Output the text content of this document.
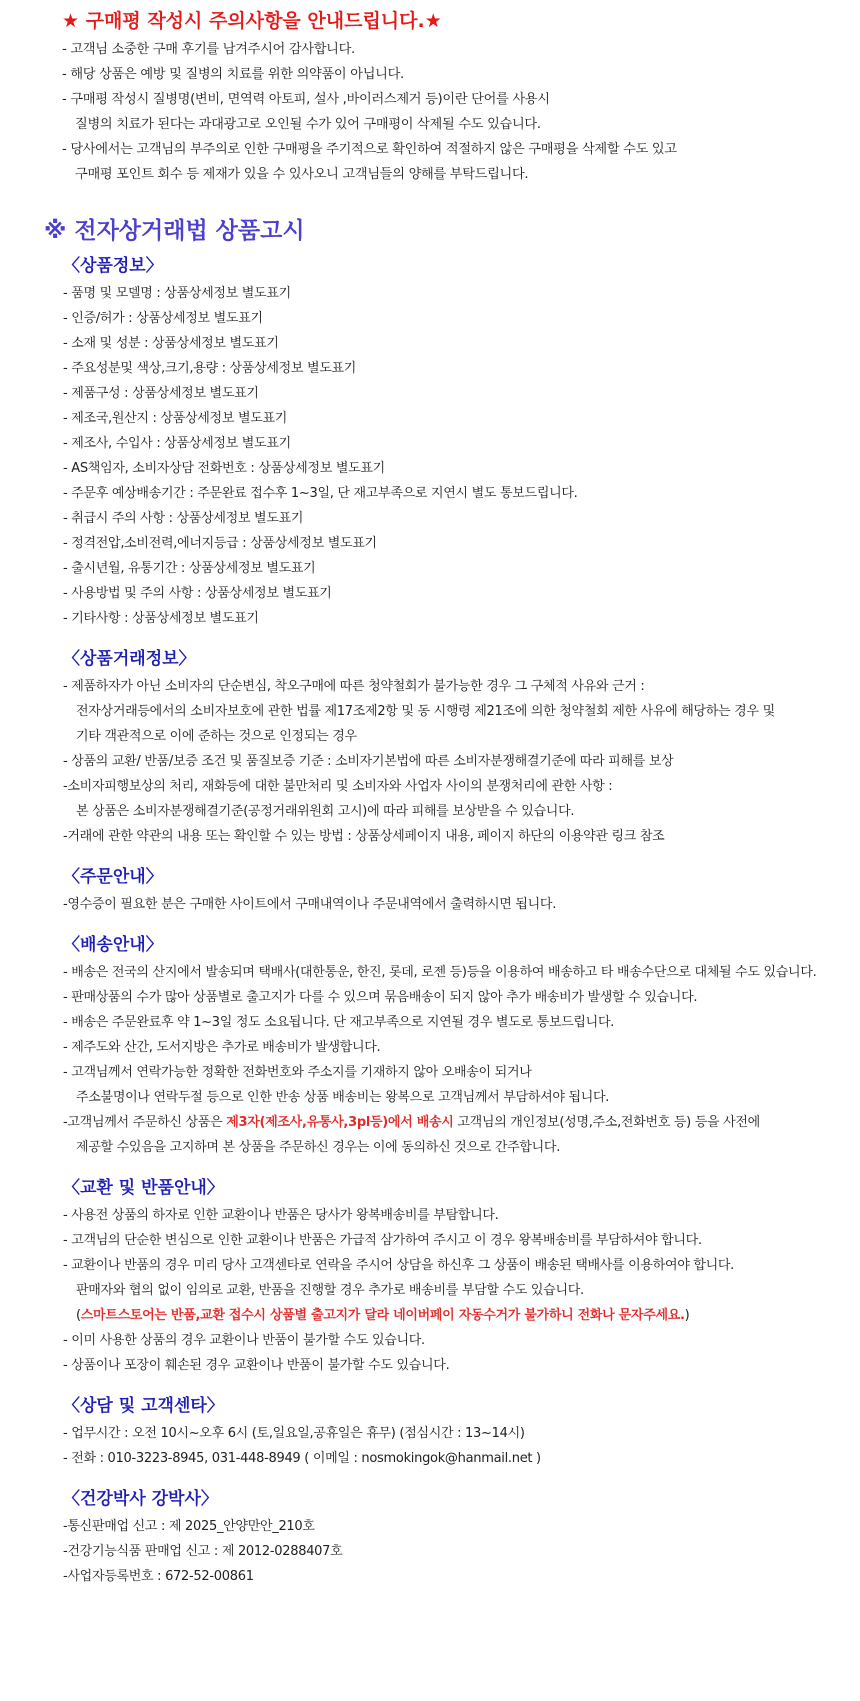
★ 구매평 작성시 주의사항을 안내드립니다.★
- 고객님 소중한 구매 후기를 남겨주시어 감사합니다.
- 해당 상품은 예방 및 질병의 치료를 위한 의약품이 아닙니다.
- 구매평 작성시 질병명(변비, 면역력 아토피, 설사 ,바이러스제거 등)이란 단어를 사용시
질병의 치료가 된다는 과대광고로 오인될 수가 있어 구매평이 삭제될 수도 있습니다.
- 당사에서는 고객님의 부주의로 인한 구매평을 주기적으로 확인하여 적절하지 않은 구매평을 삭제할 수도 있고
구매평 포인트 회수 등 제재가 있을 수 있사오니 고객님들의 양해를 부탁드립니다.
※ 전자상거래법 상품고시
〈상품정보〉
- 품명 및 모델명 : 상품상세정보 별도표기
- 인증/허가 : 상품상세정보 별도표기
- 소재 및 성분 : 상품상세정보 별도표기
- 주요성분및 색상,크기,용량 : 상품상세정보 별도표기
- 제품구성 : 상품상세정보 별도표기
- 제조국,원산지 : 상품상세정보 별도표기
- 제조사, 수입사 : 상품상세정보 별도표기
- AS책임자, 소비자상담 전화번호 : 상품상세정보 별도표기
- 주문후 예상배송기간 : 주문완료 접수후 1~3일, 단 재고부족으로 지연시 별도 통보드립니다.
- 취급시 주의 사항 : 상품상세정보 별도표기
- 정격전압,소비전력,에너지등급 : 상품상세정보 별도표기
- 출시년월, 유통기간 : 상품상세정보 별도표기
- 사용방법 및 주의 사항 : 상품상세정보 별도표기
- 기타사항 : 상품상세정보 별도표기
〈상품거래정보〉
- 제품하자가 아닌 소비자의 단순변심, 착오구매에 따른 청약철회가 불가능한 경우 그 구체적 사유와 근거 :
전자상거래등에서의 소비자보호에 관한 법률 제17조제2항 및 동 시행령 제21조에 의한 청약철회 제한 사유에 해당하는 경우 및
기타 객관적으로 이에 준하는 것으로 인정되는 경우
- 상품의 교환/ 반품/보증 조건 및 품질보증 기준 : 소비자기본법에 따른 소비자분쟁해결기준에 따라 피해를 보상
-소비자피행보상의 처리, 재화등에 대한 불만처리 및 소비자와 사업자 사이의 분쟁처리에 관한 사항 :
본 상품은 소비자분쟁해결기준(공정거래위원회 고시)에 따라 피해를 보상받을 수 있습니다.
-거래에 관한 약관의 내용 또는 확인할 수 있는 방법 : 상품상세페이지 내용, 페이지 하단의 이용약관 링크 참조
〈주문안내〉
-영수증이 필요한 분은 구매한 사이트에서 구매내역이나 주문내역에서 출력하시면 됩니다.
〈배송안내〉
- 배송은 전국의 산지에서 발송되며 택배사(대한통운, 한진, 롯데, 로젠 등)등을 이용하여 배송하고 타 배송수단으로 대체될 수도 있습니다.
- 판매상품의 수가 많아 상품별로 출고지가 다를 수 있으며 묶음배송이 되지 않아 추가 배송비가 발생할 수 있습니다.
- 배송은 주문완료후 약 1~3일 정도 소요됩니다. 단 재고부족으로 지연될 경우 별도로 통보드립니다.
- 제주도와 산간, 도서지방은 추가로 배송비가 발생합니다.
- 고객님께서 연락가능한 정확한 전화번호와 주소지를 기재하지 않아 오배송이 되거나
주소불명이나 연락두절 등으로 인한 반송 상품 배송비는 왕복으로 고객님께서 부담하셔야 됩니다.
-고객님께서 주문하신 상품은 제3자(제조사,유통사,3pl등)에서 배송시 고객님의 개인정보(성명,주소,전화번호 등) 등을 사전에
제공할 수있음을 고지하며 본 상품을 주문하신 경우는 이에 동의하신 것으로 간주합니다.
〈교환 및 반품안내〉
- 사용전 상품의 하자로 인한 교환이나 반품은 당사가 왕복배송비를 부탐합니다.
- 고객님의 단순한 변심으로 인한 교환이나 반품은 가급적 삼가하여 주시고 이 경우 왕복배송비를 부담하셔야 합니다.
- 교환이나 반품의 경우 미리 당사 고객센타로 연락을 주시어 상담을 하신후 그 상품이 배송된 택배사를 이용하여야 합니다.
판매자와 협의 없이 임의로 교환, 반품을 진행할 경우 추가로 배송비를 부담할 수도 있습니다.
(스마트스토어는 반품,교환 접수시 상품별 출고지가 달라 네이버페이 자동수거가 불가하니 전화나 문자주세요.)
- 이미 사용한 상품의 경우 교환이나 반품이 불가할 수도 있습니다.
- 상품이나 포장이 훼손된 경우 교환이나 반품이 불가할 수도 있습니다.
〈상담 및 고객센타〉
- 업무시간 : 오전 10시~오후 6시 (토,일요일,공휴일은 휴무) (점심시간 : 13~14시)
- 전화 : 010-3223-8945, 031-448-8949 ( 이메일 : nosmokingok@hanmail.net )
〈건강박사 강박사〉
-통신판매업 신고 : 제 2025_안양만안_210호
-건강기능식품 판매업 신고 : 제 2012-0288407호
-사업자등록번호 : 672-52-00861
